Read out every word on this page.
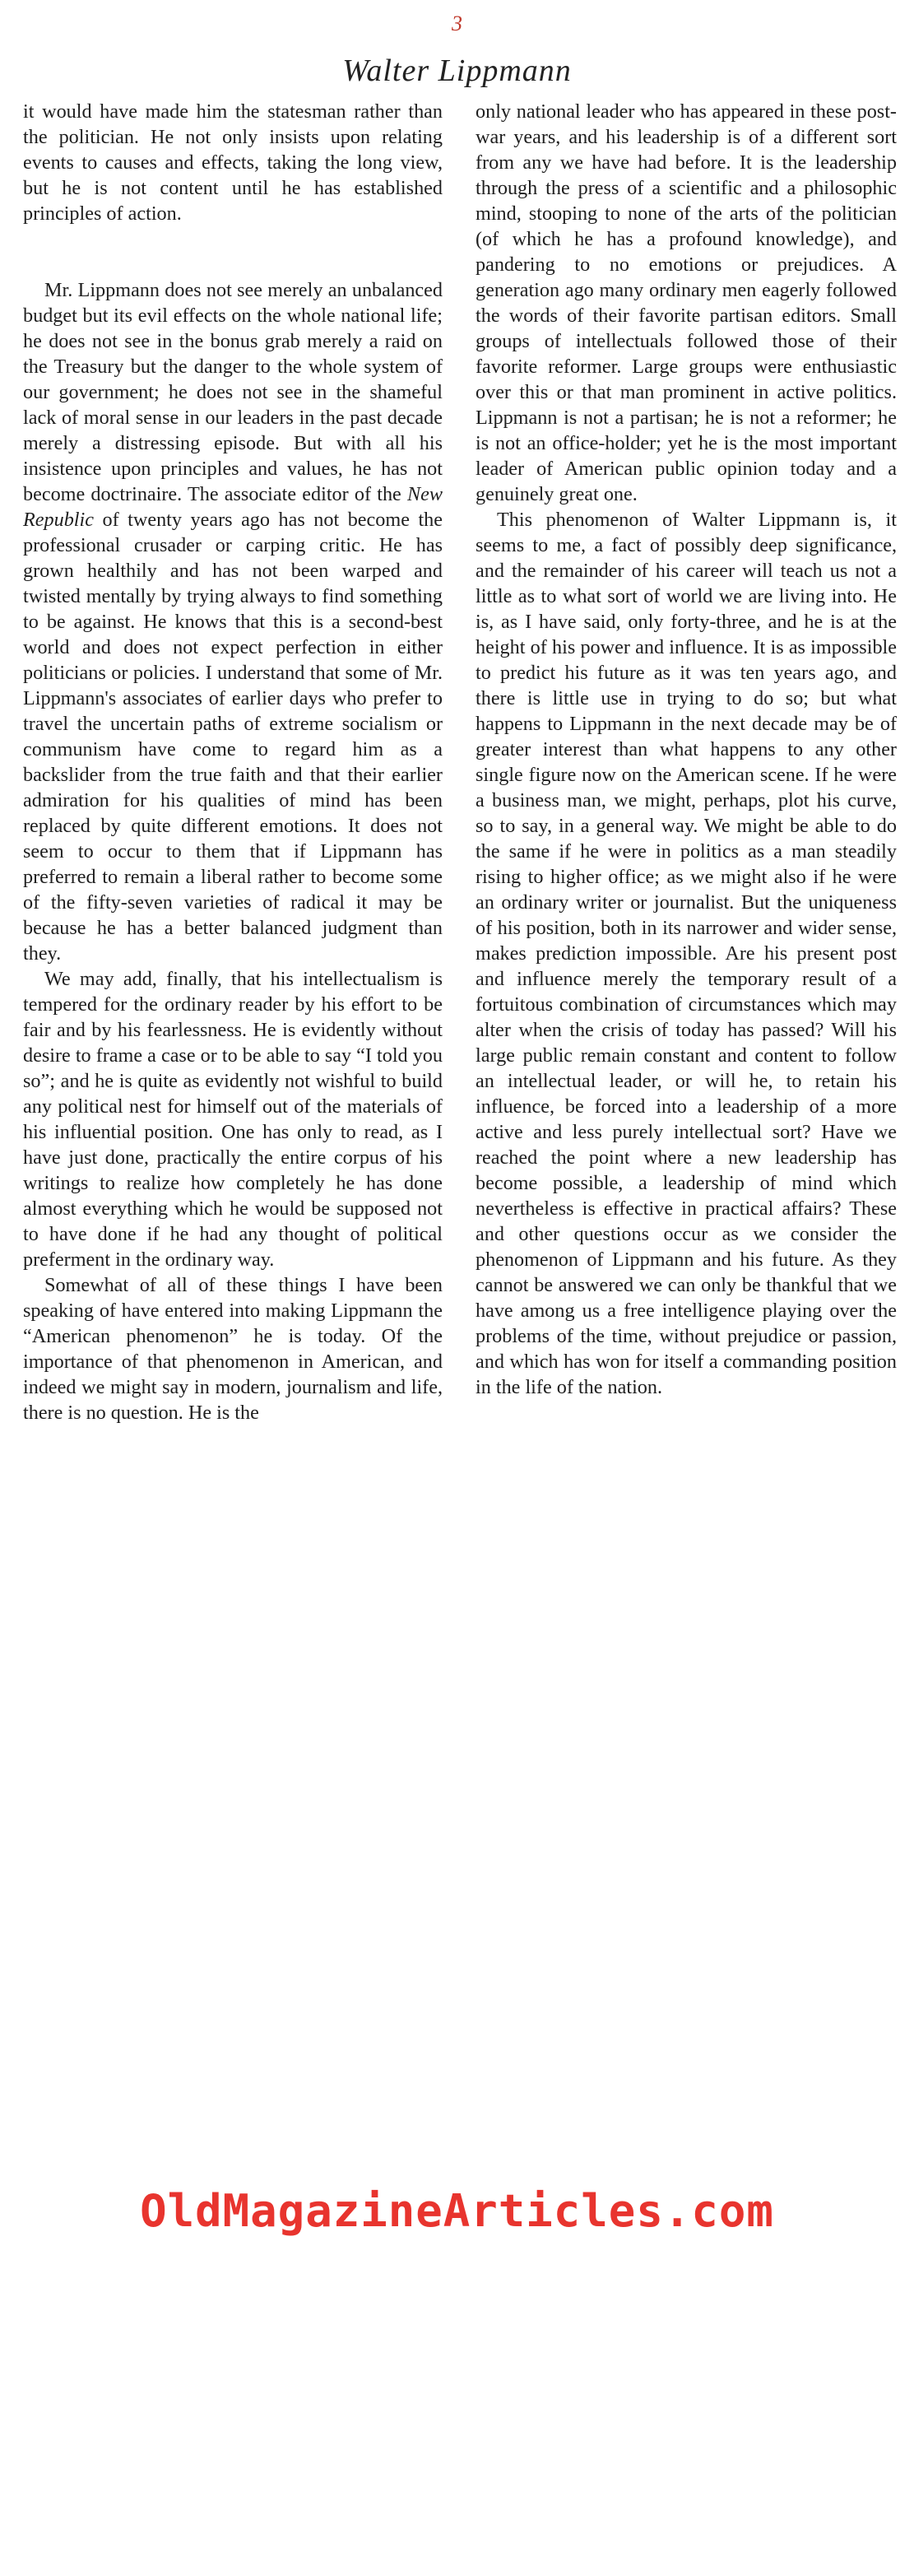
3
Walter Lippmann

it would have made him the statesman rather than the politician. He not only insists upon relating events to causes and effects, taking the long view, but he is not content until he has established principles of action.

Mr. Lippmann does not see merely an unbalanced budget but its evil effects on the whole national life; he does not see in the bonus grab merely a raid on the Treasury but the danger to the whole system of our government; he does not see in the shameful lack of moral sense in our leaders in the past decade merely a distressing episode. But with all his insistence upon principles and values, he has not become doctrinaire. The associate editor of the New Republic of twenty years ago has not become the professional crusader or carping critic. He has grown healthily and has not been warped and twisted mentally by trying always to find something to be against. He knows that this is a second-best world and does not expect perfection in either politicians or policies. I understand that some of Mr. Lippmann's associates of earlier days who prefer to travel the uncertain paths of extreme socialism or communism have come to regard him as a backslider from the true faith and that their earlier admiration for his qualities of mind has been replaced by quite different emotions. It does not seem to occur to them that if Lippmann has preferred to remain a liberal rather to become some of the fifty-seven varieties of radical it may be because he has a better balanced judgment than they.

We may add, finally, that his intellectualism is tempered for the ordinary reader by his effort to be fair and by his fearlessness. He is evidently without desire to frame a case or to be able to say “I told you so”; and he is quite as evidently not wishful to build any political nest for himself out of the materials of his influential position. One has only to read, as I have just done, practically the entire corpus of his writings to realize how completely he has done almost everything which he would be supposed not to have done if he had any thought of political preferment in the ordinary way.

Somewhat of all of these things I have been speaking of have entered into making Lippmann the “American phenomenon” he is today. Of the importance of that phenomenon in American, and indeed we might say in modern, journalism and life, there is no question. He is the

only national leader who has appeared in these post-war years, and his leadership is of a different sort from any we have had before. It is the leadership through the press of a scientific and a philosophic mind, stooping to none of the arts of the politician (of which he has a profound knowledge), and pandering to no emotions or prejudices. A generation ago many ordinary men eagerly followed the words of their favorite partisan editors. Small groups of intellectuals followed those of their favorite reformer. Large groups were enthusiastic over this or that man prominent in active politics. Lippmann is not a partisan; he is not a reformer; he is not an office-holder; yet he is the most important leader of American public opinion today and a genuinely great one.

This phenomenon of Walter Lippmann is, it seems to me, a fact of possibly deep significance, and the remainder of his career will teach us not a little as to what sort of world we are living into. He is, as I have said, only forty-three, and he is at the height of his power and influence. It is as impossible to predict his future as it was ten years ago, and there is little use in trying to do so; but what happens to Lippmann in the next decade may be of greater interest than what happens to any other single figure now on the American scene. If he were a business man, we might, perhaps, plot his curve, so to say, in a general way. We might be able to do the same if he were in politics as a man steadily rising to higher office; as we might also if he were an ordinary writer or journalist. But the uniqueness of his position, both in its narrower and wider sense, makes prediction impossible. Are his present post and influence merely the temporary result of a fortuitous combination of circumstances which may alter when the crisis of today has passed? Will his large public remain constant and content to follow an intellectual leader, or will he, to retain his influence, be forced into a leadership of a more active and less purely intellectual sort? Have we reached the point where a new leadership has become possible, a leadership of mind which nevertheless is effective in practical affairs? These and other questions occur as we consider the phenomenon of Lippmann and his future. As they cannot be answered we can only be thankful that we have among us a free intelligence playing over the problems of the time, without prejudice or passion, and which has won for itself a commanding position in the life of the nation.

OldMagazineArticles.com
